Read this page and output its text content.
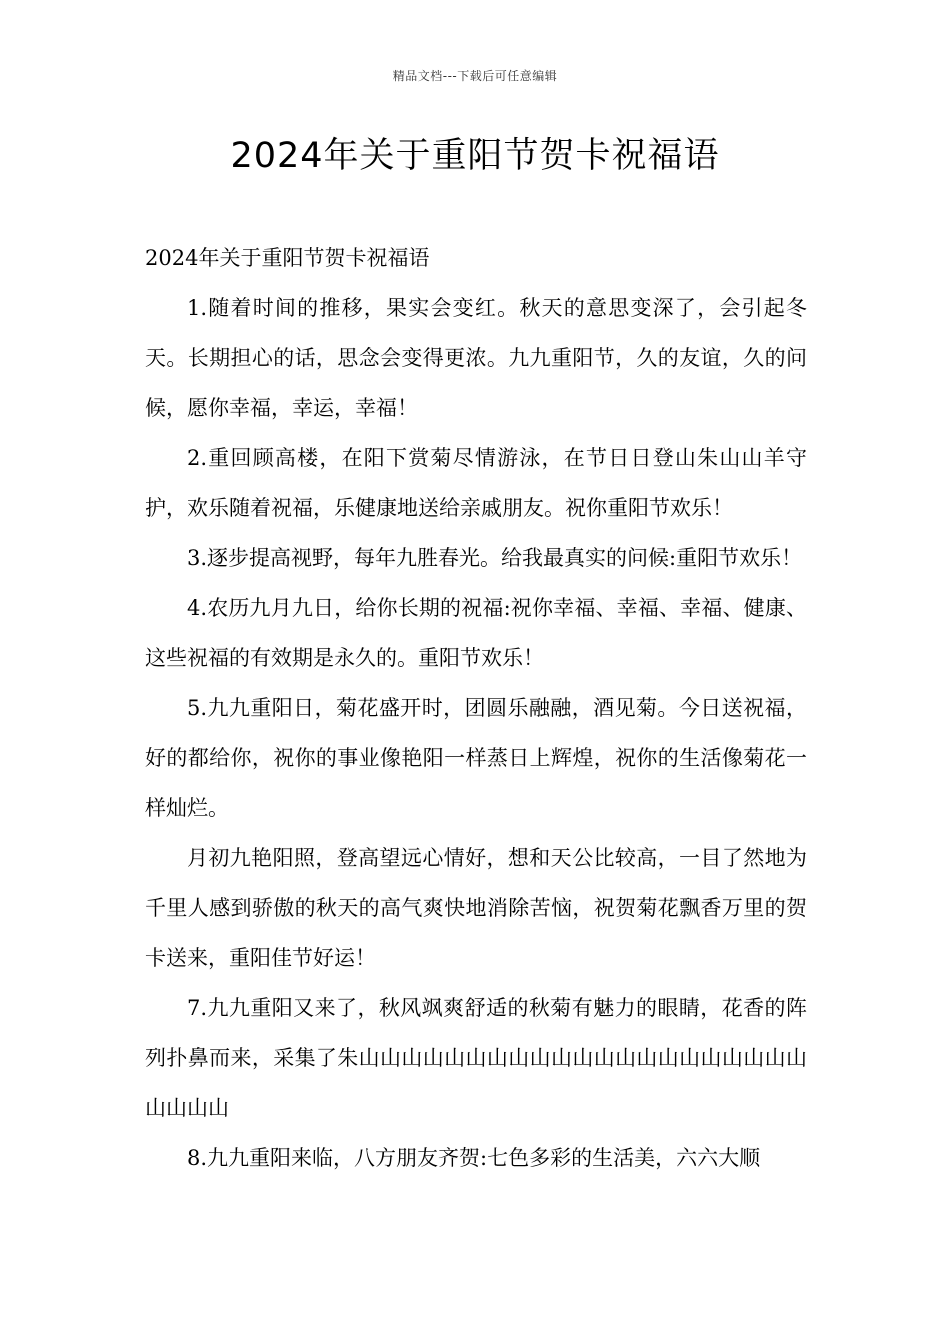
精品文档---下载后可任意编辑
2024年关于重阳节贺卡祝福语

2024年关于重阳节贺卡祝福语

1.随着时间的推移，果实会变红。秋天的意思变深了，会引起冬天。长期担心的话，思念会变得更浓。九九重阳节，久的友谊，久的问候，愿你幸福，幸运，幸福！

2.重回顾高楼，在阳下赏菊尽情游泳，在节日日登山朱山山羊守护，欢乐随着祝福，乐健康地送给亲戚朋友。祝你重阳节欢乐！

3.逐步提高视野，每年九胜春光。给我最真实的问候:重阳节欢乐！

4.农历九月九日，给你长期的祝福:祝你幸福、幸福、幸福、健康、这些祝福的有效期是永久的。重阳节欢乐！

5.九九重阳日，菊花盛开时，团圆乐融融，酒见菊。今日送祝福，好的都给你，祝你的事业像艳阳一样蒸日上辉煌，祝你的生活像菊花一样灿烂。

月初九艳阳照，登高望远心情好，想和天公比较高，一目了然地为千里人感到骄傲的秋天的高气爽快地消除苦恼，祝贺菊花飘香万里的贺卡送来，重阳佳节好运！

7.九九重阳又来了，秋风飒爽舒适的秋菊有魅力的眼睛，花香的阵列扑鼻而来，采集了朱山山山山山山山山山山山山山山山山山山山山山山山山山

8.九九重阳来临，八方朋友齐贺:七色多彩的生活美，六六大顺
